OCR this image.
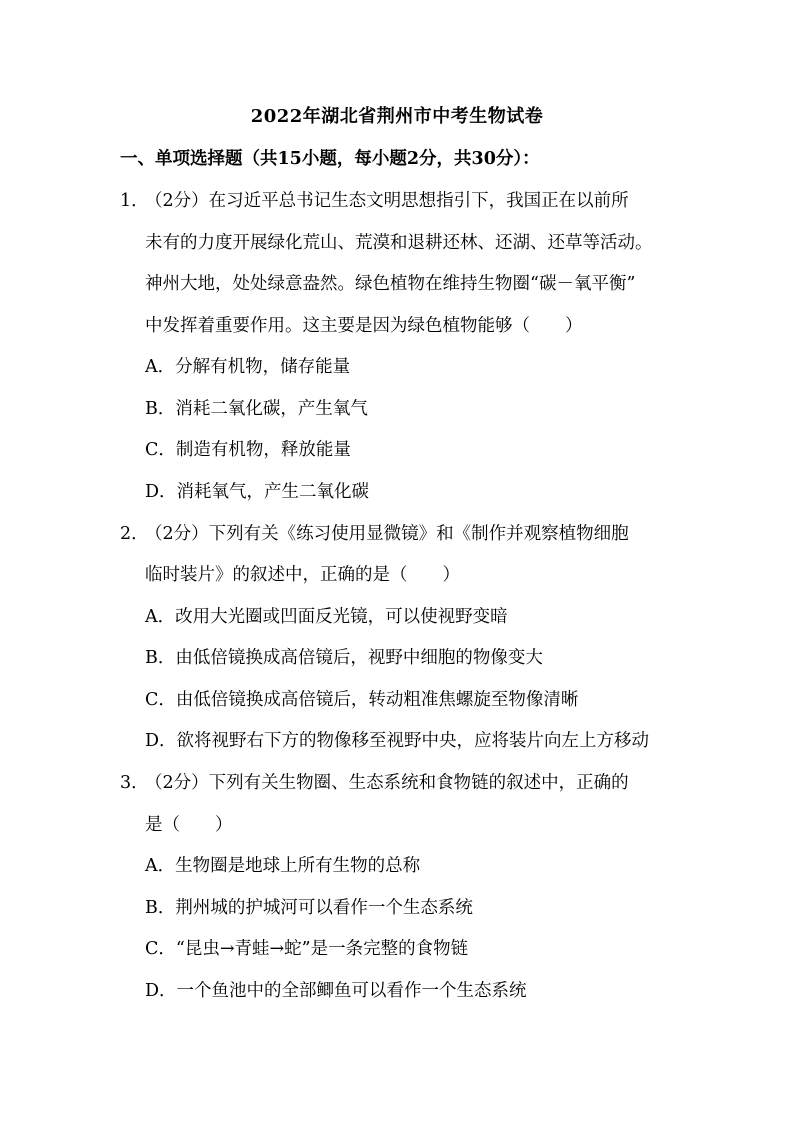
2022年湖北省荆州市中考生物试卷
一、单项选择题（共15小题，每小题2分，共30分）：
1．
（2分）在习近平总书记生态文明思想指引下，我国正在以前所
未有的力度开展绿化荒山、荒漠和退耕还林、还湖、还草等活动。
神州大地，处处绿意盎然。绿色植物在维持生物圈“碳－氧平衡”
中发挥着重要作用。这主要是因为绿色植物能够（　　）
A．分解有机物，储存能量
B．消耗二氧化碳，产生氧气
C．制造有机物，释放能量
D．消耗氧气，产生二氧化碳
2．
（2分）下列有关《练习使用显微镜》和《制作并观察植物细胞
临时装片》的叙述中，正确的是（　　）
A．改用大光圈或凹面反光镜，可以使视野变暗
B．由低倍镜换成高倍镜后，视野中细胞的物像变大
C．由低倍镜换成高倍镜后，转动粗准焦螺旋至物像清晰
D．欲将视野右下方的物像移至视野中央，应将装片向左上方移动
3．
（2分）下列有关生物圈、生态系统和食物链的叙述中，正确的
是（　　）
A．生物圈是地球上所有生物的总称
B．荆州城的护城河可以看作一个生态系统
C．“昆虫→青蛙→蛇”是一条完整的食物链
D．一个鱼池中的全部鲫鱼可以看作一个生态系统
